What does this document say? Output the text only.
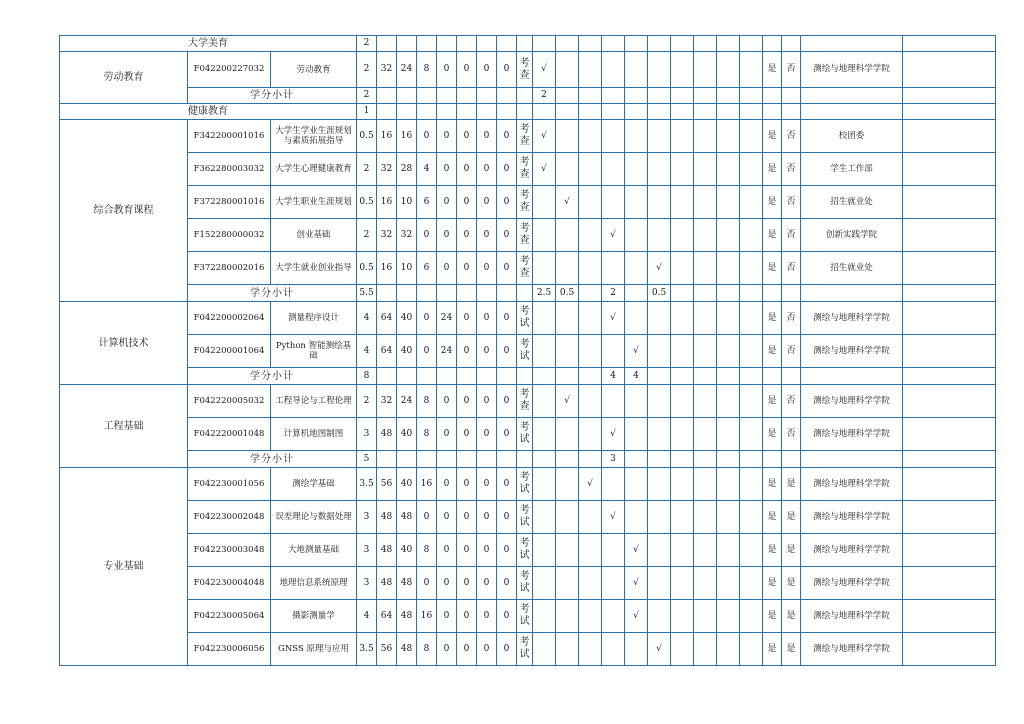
大学美育			2																						
劳动教育	F042200227032	劳动教育	2	32	24	8	0	0	0	0	考查	√										是	否	测绘与地理科学学院	
	学分小计		2									2													
健康教育			1																						
综合教育课程	F342200001016	大学生学业生涯规划与素质拓展指导	0.5	16	16	0	0	0	0	0	考查	√										是	否	校团委	
	F362280003032	大学生心理健康教育	2	32	28	4	0	0	0	0	考查	√										是	否	学生工作部	
	F372280001016	大学生职业生涯规划	0.5	16	10	6	0	0	0	0	考查		√									是	否	招生就业处	
	F152280000032	创业基础	2	32	32	0	0	0	0	0	考查				√							是	否	创新实践学院	
	F372280002016	大学生就业创业指导	0.5	16	10	6	0	0	0	0	考查						√					是	否	招生就业处	
	学分小计		5.5									2.5	0.5		2		0.5								
计算机技术	F042200002064	测量程序设计	4	64	40	0	24	0	0	0	考试				√							是	否	测绘与地理科学学院	
	F042200001064	Python 智能测绘基础	4	64	40	0	24	0	0	0	考试					√						是	否	测绘与地理科学学院	
	学分小计		8												4	4									
工程基础	F042220005032	工程导论与工程伦理	2	32	24	8	0	0	0	0	考查		√									是	否	测绘与地理科学学院	
	F042220001048	计算机地图制图	3	48	40	8	0	0	0	0	考试				√							是	否	测绘与地理科学学院	
	学分小计		5												3										
专业基础	F042230001056	测绘学基础	3.5	56	40	16	0	0	0	0	考试			√								是	是	测绘与地理科学学院	
	F042230002048	误差理论与数据处理	3	48	48	0	0	0	0	0	考试				√							是	是	测绘与地理科学学院	
	F042230003048	大地测量基础	3	48	40	8	0	0	0	0	考试					√						是	是	测绘与地理科学学院	
	F042230004048	地理信息系统原理	3	48	48	0	0	0	0	0	考试					√						是	是	测绘与地理科学学院	
	F042230005064	摄影测量学	4	64	48	16	0	0	0	0	考试					√						是	是	测绘与地理科学学院	
	F042230006056	GNSS 原理与应用	3.5	56	48	8	0	0	0	0	考试						√					是	是	测绘与地理科学学院	
